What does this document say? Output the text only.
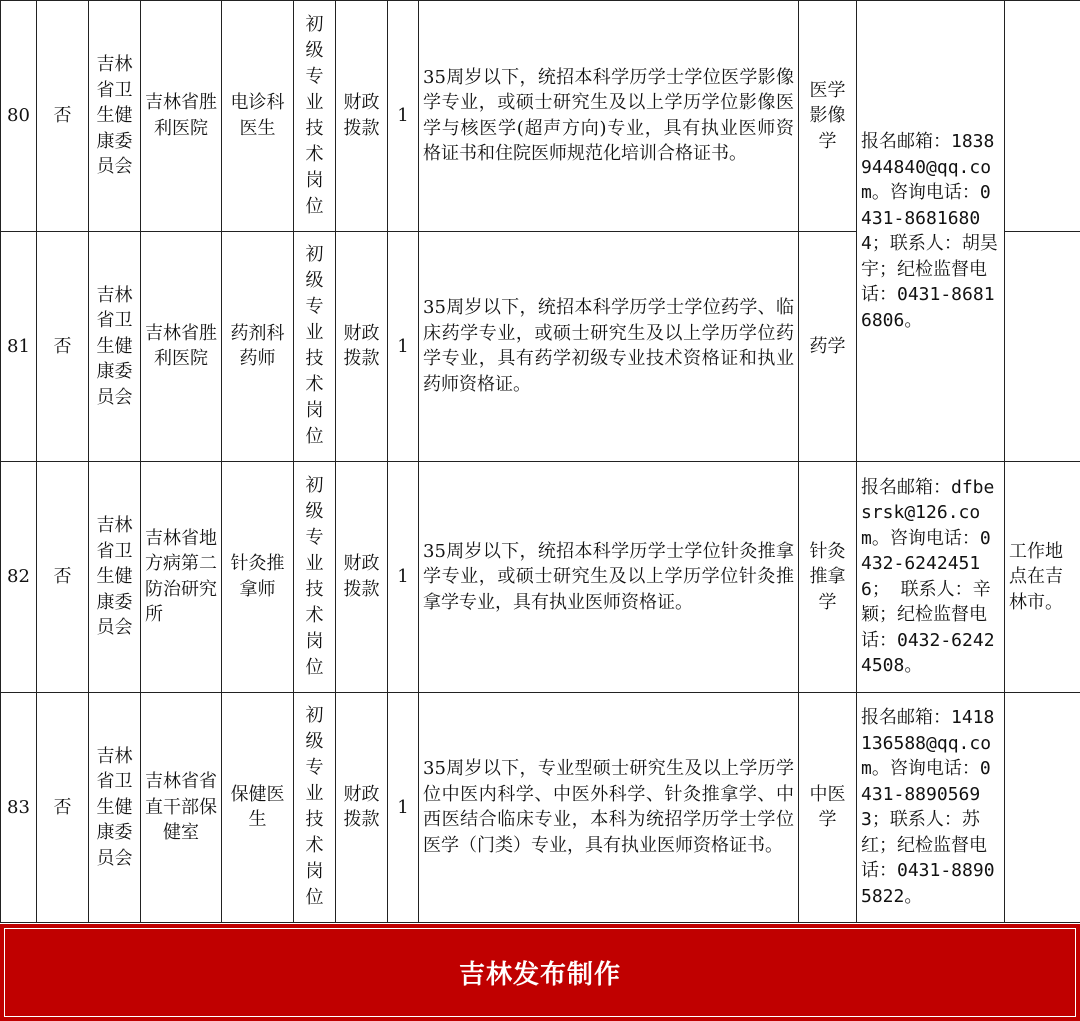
80	否	吉林省卫生健康委员会	吉林省胜利医院	电诊科医生	初级专业技术岗位	财政拨款	1	35周岁以下，统招本科学历学士学位医学影像学专业，或硕士研究生及以上学历学位影像医学与核医学(超声方向)专业，具有执业医师资格证书和住院医师规范化培训合格证书。	医学影像学	报名邮箱：1838944840@qq.com。咨询电话：0431-86816804；联系人：胡昊宇；纪检监督电话：0431-86816806。	
81	否	吉林省卫生健康委员会	吉林省胜利医院	药剂科药师	初级专业技术岗位	财政拨款	1	35周岁以下，统招本科学历学士学位药学、临床药学专业，或硕士研究生及以上学历学位药学专业，具有药学初级专业技术资格证和执业药师资格证。	药学		
82	否	吉林省卫生健康委员会	吉林省地方病第二防治研究所	针灸推拿师	初级专业技术岗位	财政拨款	1	35周岁以下，统招本科学历学士学位针灸推拿学专业，或硕士研究生及以上学历学位针灸推拿学专业，具有执业医师资格证。	针灸推拿学	报名邮箱：dfbesrsk@126.com。咨询电话：0432-62424516； 联系人：辛颖；纪检监督电话：0432-62424508。	工作地点在吉林市。
83	否	吉林省卫生健康委员会	吉林省省直干部保健室	保健医生	初级专业技术岗位	财政拨款	1	35周岁以下，专业型硕士研究生及以上学历学位中医内科学、中医外科学、针灸推拿学、中西医结合临床专业，本科为统招学历学士学位医学（门类）专业，具有执业医师资格证书。	中医学	报名邮箱：1418136588@qq.com。咨询电话：0431-88905693；联系人：苏红；纪检监督电话：0431-88905822。	
吉林发布制作
